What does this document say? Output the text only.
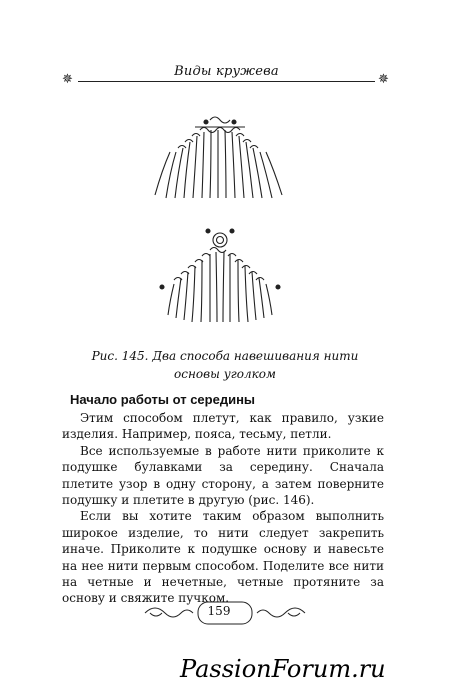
Виды кружева
✵	✵
Рис. 145. Два способа навешивания нити основы уголком
Начало работы от середины

Этим способом плетут, как правило, узкие изделия. Например, пояса, тесьму, петли.

Все используемые в работе нити приколите к подушке булавками за середину. Сначала плетите узор в одну сторону, а затем поверните подушку и плетите в другую (рис. 146).

Если вы хотите таким образом выполнить широкое изделие, то нити следует закрепить иначе. Приколите к подушке основу и навесьте на нее нити первым способом. Поделите все нити на четные и нечетные, четные протяните за основу и свяжите пучком.

159
PassionForum.ru
